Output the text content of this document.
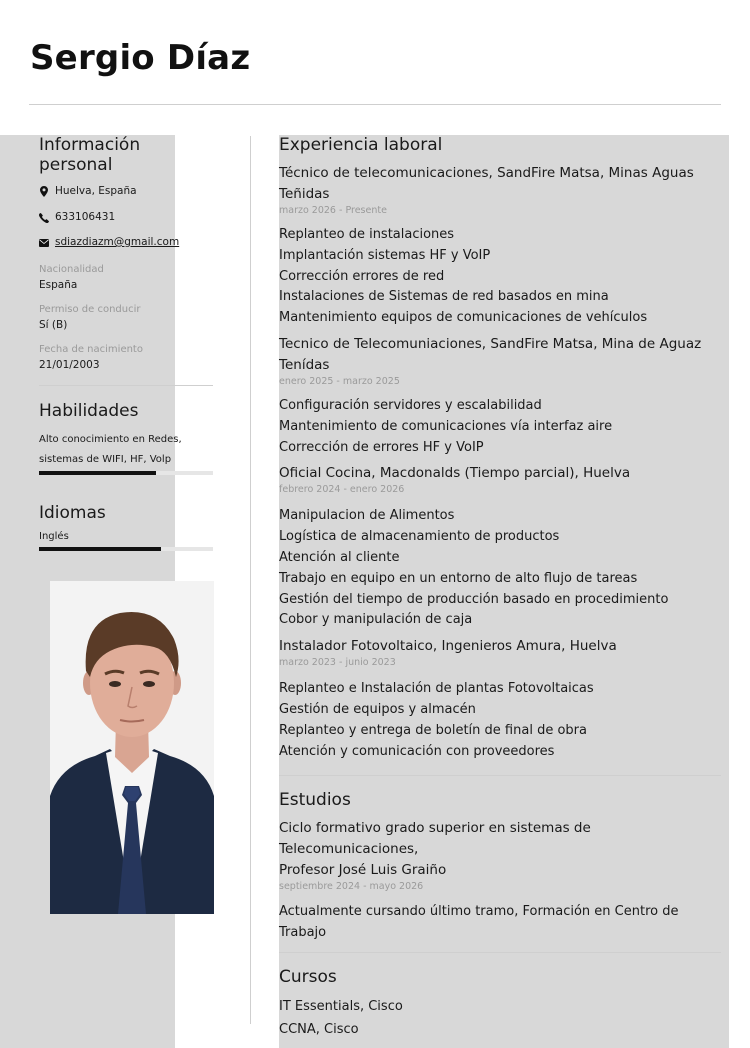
Sergio Díaz
Información personal
Huelva, España
633106431
sdiazdiazm@gmail.com
Nacionalidad
España
Permiso de conducir
Sí (B)
Fecha de nacimiento
21/01/2003
Habilidades
Alto conocimiento en Redes,
sistemas de WIFI, HF, Volp
Idiomas
Inglés
Experiencia laboral
Técnico de telecomunicaciones, SandFire Matsa, Minas Aguas
Teñidas
marzo 2026 - Presente
Replanteo de instalaciones
Implantación sistemas HF y VoIP
Corrección errores de red
Instalaciones de Sistemas de red basados en mina
Mantenimiento equipos de comunicaciones de vehículos
Tecnico de Telecomuniaciones, SandFire Matsa, Mina de Aguaz
Tenídas
enero 2025 - marzo 2025
Configuración servidores y escalabilidad
Mantenimiento de comunicaciones vía interfaz aire
Corrección de errores HF y VoIP
Oficial Cocina, Macdonalds (Tiempo parcial), Huelva
febrero 2024 - enero 2026
Manipulacion de Alimentos
Logística de almacenamiento de productos
Atención al cliente
Trabajo en equipo en un entorno de alto flujo de tareas
Gestión del tiempo de producción basado en procedimiento
Cobor y manipulación de caja
Instalador Fotovoltaico, Ingenieros Amura, Huelva
marzo 2023 - junio 2023
Replanteo e Instalación de plantas Fotovoltaicas
Gestión de equipos y almacén
Replanteo y entrega de boletín de final de obra
Atención y comunicación con proveedores
Estudios
Ciclo formativo grado superior en sistemas de Telecomunicaciones,
Profesor José Luis Graiño
septiembre 2024 - mayo 2026
Actualmente cursando último tramo, Formación en Centro de Trabajo
Cursos
IT Essentials, Cisco
CCNA, Cisco
